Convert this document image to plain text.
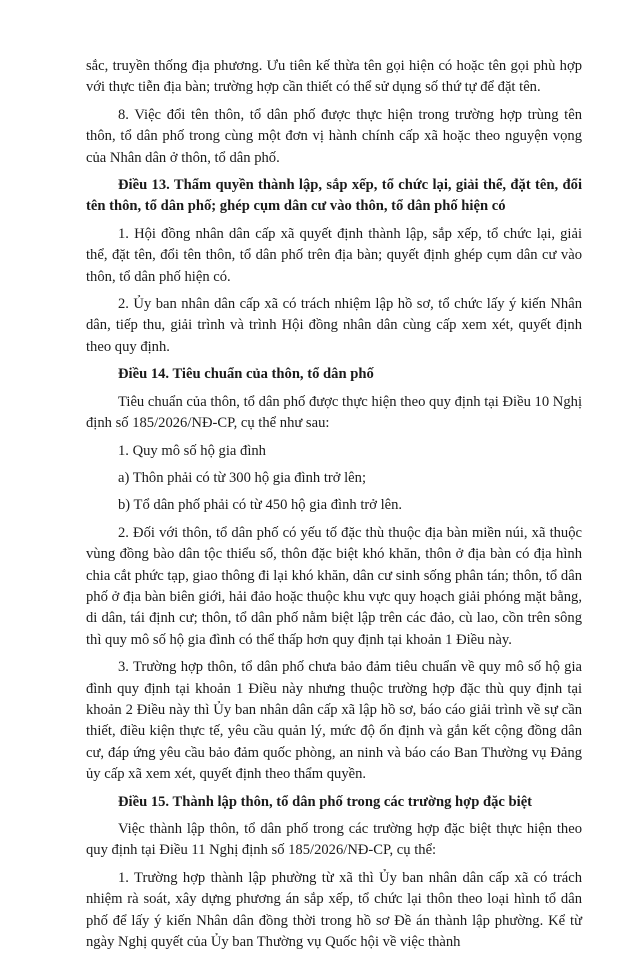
sắc, truyền thống địa phương. Ưu tiên kế thừa tên gọi hiện có hoặc tên gọi phù hợp với thực tiễn địa bàn; trường hợp cần thiết có thể sử dụng số thứ tự để đặt tên.

8. Việc đổi tên thôn, tổ dân phố được thực hiện trong trường hợp trùng tên thôn, tổ dân phố trong cùng một đơn vị hành chính cấp xã hoặc theo nguyện vọng của Nhân dân ở thôn, tổ dân phố.

Điều 13. Thẩm quyền thành lập, sắp xếp, tổ chức lại, giải thể, đặt tên, đổi tên thôn, tổ dân phố; ghép cụm dân cư vào thôn, tổ dân phố hiện có

1. Hội đồng nhân dân cấp xã quyết định thành lập, sắp xếp, tổ chức lại, giải thể, đặt tên, đổi tên thôn, tổ dân phố trên địa bàn; quyết định ghép cụm dân cư vào thôn, tổ dân phố hiện có.

2. Ủy ban nhân dân cấp xã có trách nhiệm lập hồ sơ, tổ chức lấy ý kiến Nhân dân, tiếp thu, giải trình và trình Hội đồng nhân dân cùng cấp xem xét, quyết định theo quy định.

Điều 14. Tiêu chuẩn của thôn, tổ dân phố

Tiêu chuẩn của thôn, tổ dân phố được thực hiện theo quy định tại Điều 10 Nghị định số 185/2026/NĐ-CP, cụ thể như sau:

1. Quy mô số hộ gia đình

a) Thôn phải có từ 300 hộ gia đình trở lên;

b) Tổ dân phố phải có từ 450 hộ gia đình trở lên.

2. Đối với thôn, tổ dân phố có yếu tố đặc thù thuộc địa bàn miền núi, xã thuộc vùng đồng bào dân tộc thiểu số, thôn đặc biệt khó khăn, thôn ở địa bàn có địa hình chia cắt phức tạp, giao thông đi lại khó khăn, dân cư sinh sống phân tán; thôn, tổ dân phố ở địa bàn biên giới, hải đảo hoặc thuộc khu vực quy hoạch giải phóng mặt bằng, di dân, tái định cư; thôn, tổ dân phố nằm biệt lập trên các đảo, cù lao, cồn trên sông thì quy mô số hộ gia đình có thể thấp hơn quy định tại khoản 1 Điều này.

3. Trường hợp thôn, tổ dân phố chưa bảo đảm tiêu chuẩn về quy mô số hộ gia đình quy định tại khoản 1 Điều này nhưng thuộc trường hợp đặc thù quy định tại khoản 2 Điều này thì Ủy ban nhân dân cấp xã lập hồ sơ, báo cáo giải trình về sự cần thiết, điều kiện thực tế, yêu cầu quản lý, mức độ ổn định và gắn kết cộng đồng dân cư, đáp ứng yêu cầu bảo đảm quốc phòng, an ninh và báo cáo Ban Thường vụ Đảng ủy cấp xã xem xét, quyết định theo thẩm quyền.

Điều 15. Thành lập thôn, tổ dân phố trong các trường hợp đặc biệt

Việc thành lập thôn, tổ dân phố trong các trường hợp đặc biệt thực hiện theo quy định tại Điều 11 Nghị định số 185/2026/NĐ-CP, cụ thể:

1. Trường hợp thành lập phường từ xã thì Ủy ban nhân dân cấp xã có trách nhiệm rà soát, xây dựng phương án sắp xếp, tổ chức lại thôn theo loại hình tổ dân phố để lấy ý kiến Nhân dân đồng thời trong hồ sơ Đề án thành lập phường. Kể từ ngày Nghị quyết của Ủy ban Thường vụ Quốc hội về việc thành
